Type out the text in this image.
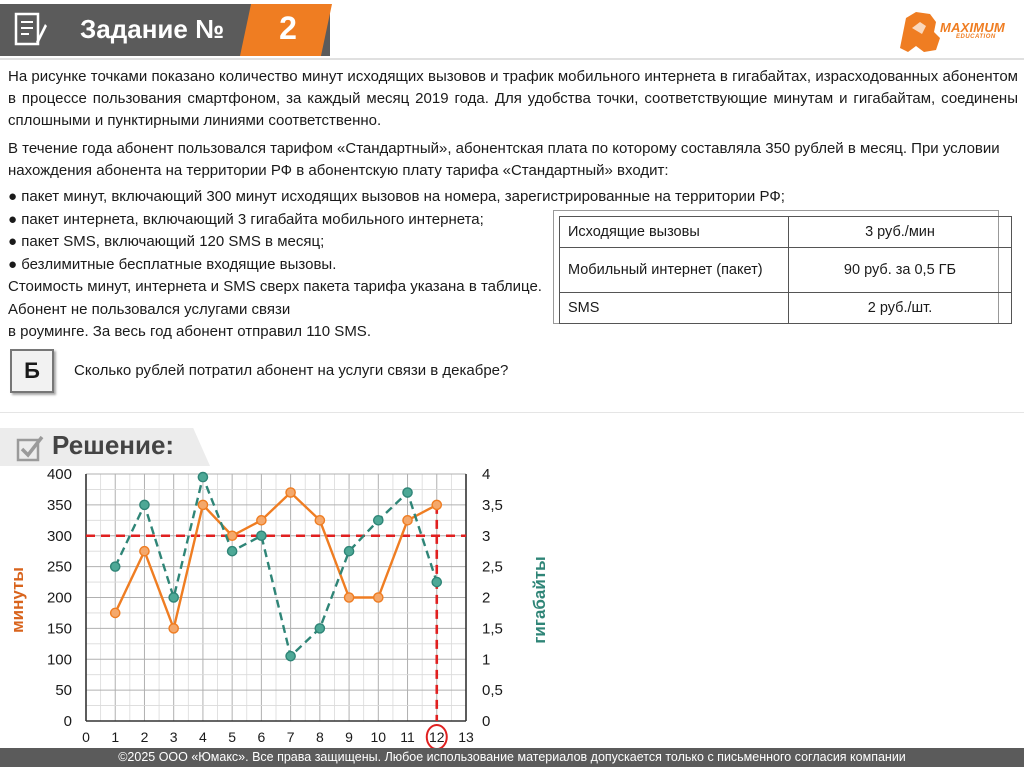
Задание №	2	MAXIMUM
EDUCATION
На рисунке точками показано количество минут исходящих вызовов и трафик мобильного интернета в гигабайтах, израсходованных абонентом в процессе пользования смартфоном, за каждый месяц 2019 года. Для удобства точки, соответствующие минутам и гигабайтам, соединены сплошными и пунктирными линиями соответственно.
В течение года абонент пользовался тарифом «Стандартный», абонентская плата по которому составляла 350 рублей в месяц. При условии нахождения абонента на территории РФ в абонентскую плату тарифа «Стандартный» входит:
● пакет минут, включающий 300 минут исходящих вызовов на номера, зарегистрированные на территории РФ;
● пакет интернета, включающий 3 гигабайта мобильного интернета;
● пакет SMS, включающий 120 SMS в месяц;
● безлимитные бесплатные входящие вызовы.
Стоимость минут, интернета и SMS сверх пакета тарифа указана в таблице.
Абонент не пользовался услугами связи
в роуминге. За весь год абонент отправил 110 SMS.
Исходящие вызовы	3 руб./мин
Мобильный интернет (пакет)	90 руб. за 0,5 ГБ
SMS	2 руб./шт.
Б	Сколько рублей потратил абонент на услуги связи в декабре?
Решение:
0
50
100
150
200
250
300
350
400
0
0,5
1
1,5
2
2,5
3
3,5
4
0 1 2 3 4 5 6 7 8 9 10 11 12 13
минуты	гигабайты
©2025 ООО «Юмакс». Все права защищены. Любое использование материалов допускается только с письменного согласия компании
